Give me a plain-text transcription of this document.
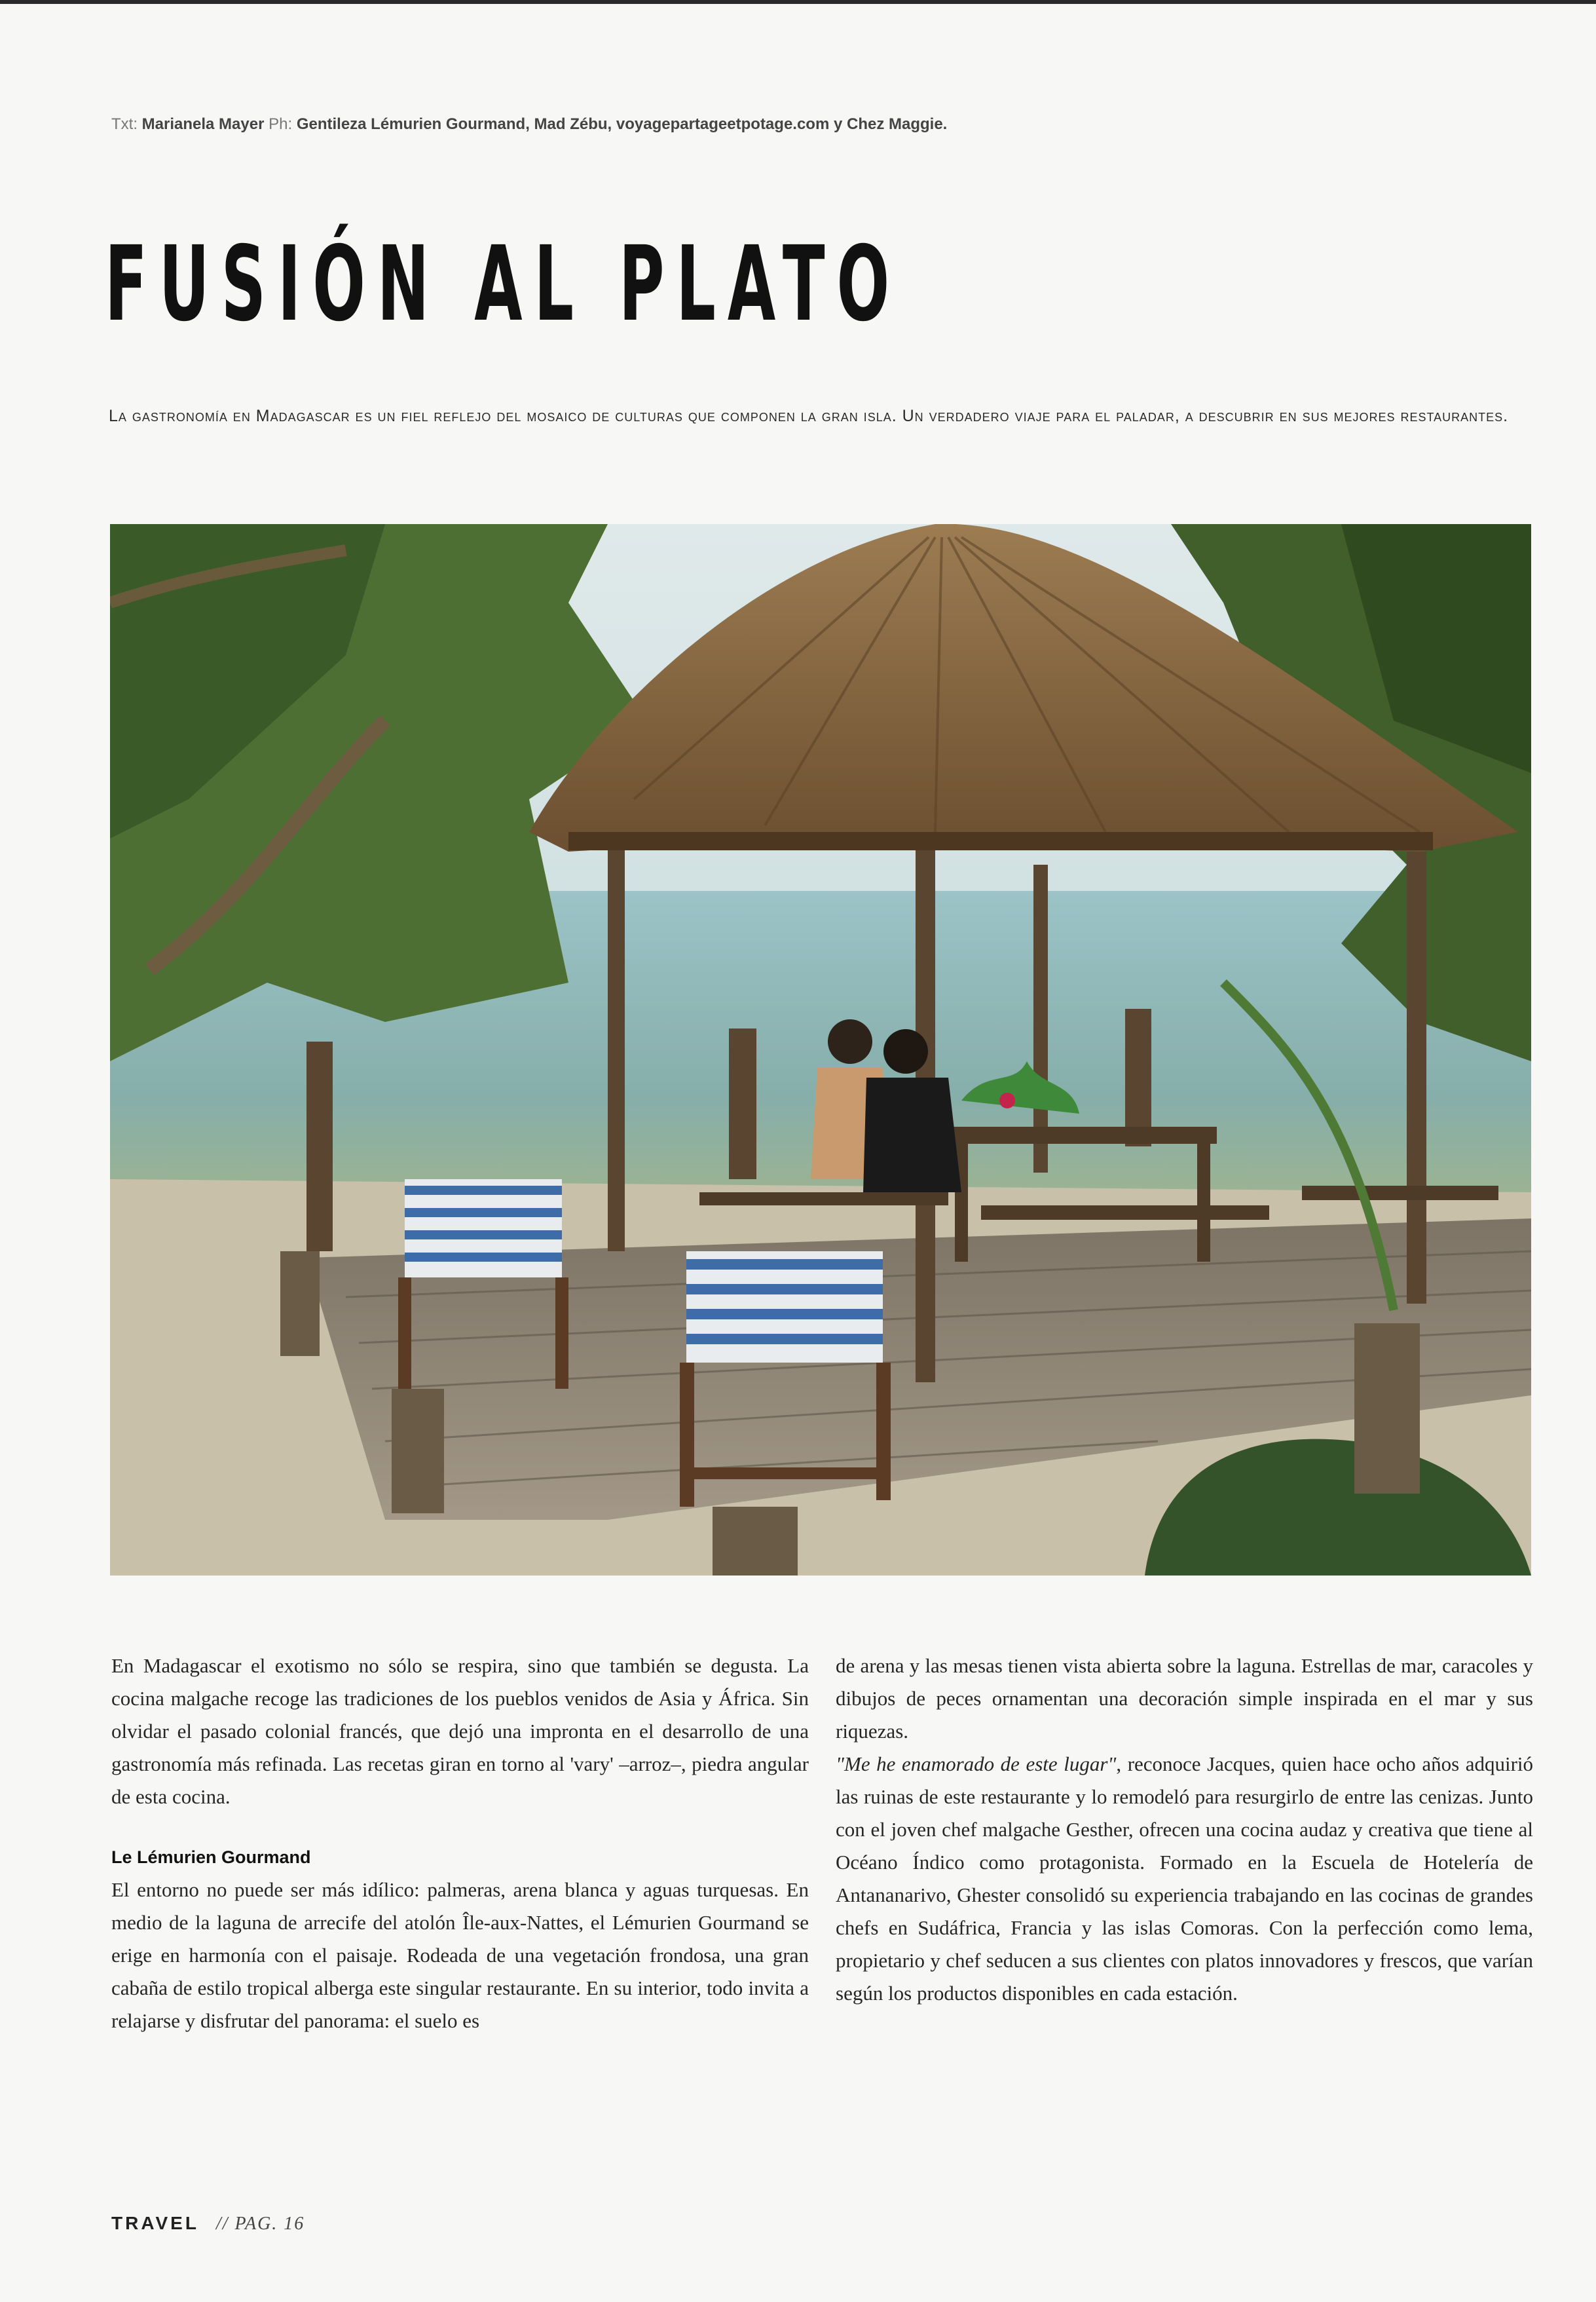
Txt: Marianela Mayer Ph: Gentileza Lémurien Gourmand, Mad Zébu, voyagepartageetpotage.com y Chez Maggie.
FUSIÓN AL PLATO
La gastronomía en Madagascar es un fiel reflejo del mosaico de culturas que componen la gran isla. Un verdadero viaje para el paladar, a descubrir en sus mejores restaurantes.

En Madagascar el exotismo no sólo se respira, sino que también se degusta. La cocina malgache recoge las tradiciones de los pueblos venidos de Asia y África. Sin olvidar el pasado colonial francés, que dejó una impronta en el desarrollo de una gastronomía más refinada. Las recetas giran en torno al 'vary' –arroz–, piedra angular de esta cocina.

Le Lémurien Gourmand

El entorno no puede ser más idílico: palmeras, arena blanca y aguas turquesas. En medio de la laguna de arrecife del atolón Île-aux-Nattes, el Lémurien Gourmand se erige en harmonía con el paisaje. Rodeada de una vegetación frondosa, una gran cabaña de estilo tropical alberga este singular restaurante. En su interior, todo invita a relajarse y disfrutar del panorama: el suelo es

de arena y las mesas tienen vista abierta sobre la laguna. Estrellas de mar, caracoles y dibujos de peces ornamentan una decoración simple inspirada en el mar y sus riquezas.

"Me he enamorado de este lugar", reconoce Jacques, quien hace ocho años adquirió las ruinas de este restaurante y lo remodeló para resurgirlo de entre las cenizas. Junto con el joven chef malgache Gesther, ofrecen una cocina audaz y creativa que tiene al Océano Índico como protagonista. Formado en la Escuela de Hotelería de Antananarivo, Ghester consolidó su experiencia trabajando en las cocinas de grandes chefs en Sudáfrica, Francia y las islas Comoras. Con la perfección como lema, propietario y chef seducen a sus clientes con platos innovadores y frescos, que varían según los productos disponibles en cada estación.

TRAVEL // PAG. 16
